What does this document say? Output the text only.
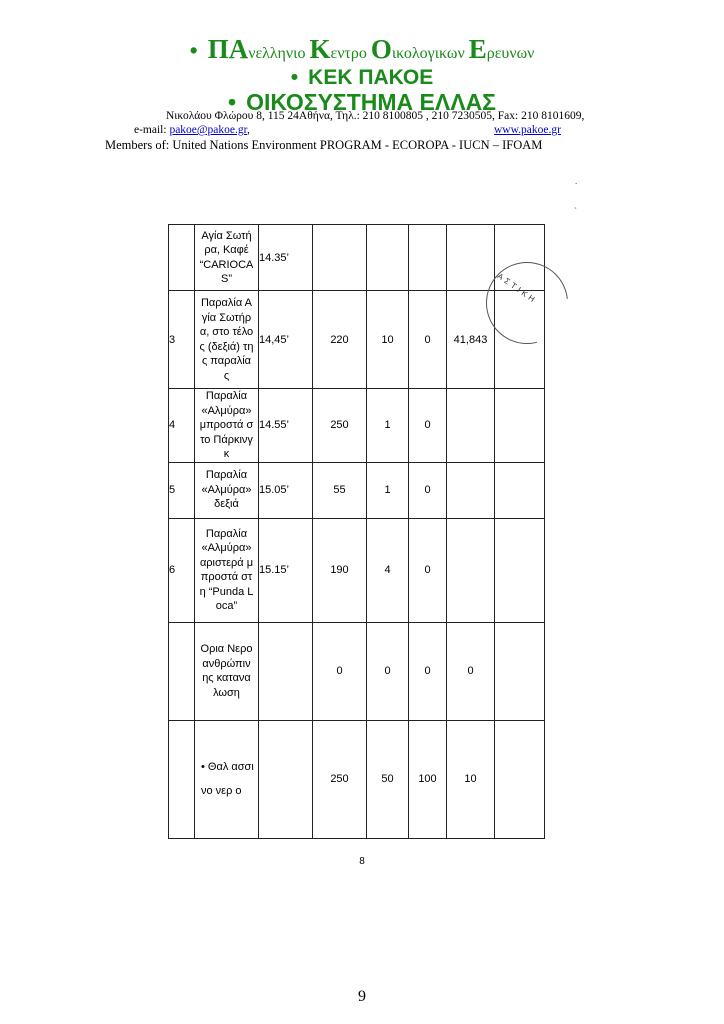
• ΠΑνελληνιο Κεντρο Οικολογικων Ερευνων
• ΚΕΚ ΠΑΚΟΕ
• ΟΙΚΟΣΥΣΤΗΜΑ ΕΛΛΑΣ
Νικολάου Φλώρου 8, 115 24Αθήνα, Τηλ.: 210 8100805 , 210 7230505, Fax: 210 8101609,
e-mail: pakoe@pakoe.gr,	www.pakoe.gr
Members of: United Nations Environment PROGRAM - ECOROPA - IUCN – IFOAM
.
`
	Αγία Σωτήρα, Καφέ “CARIOCAS”	14.35’					
3	Παραλία Αγία Σωτήρα, στο τέλος (δεξιά) της παραλίας	14,45’	220	10	0	41,843	
4	Παραλία «Αλμύρα» μπροστά στο Πάρκινγκ	14.55’	250	1	0		
5	Παραλία «Αλμύρα» δεξιά	15.05’	55	1	0		
6	Παραλία «Αλμύρα» αριστερά μπροστά στη “Punda Loca”	15.15’	190	4	0		
	Ορια Νερο ανθρώπινης καταναλωση		0	0	0	0	
	• Θαλ ασσι νο νερ ο		250	50	100	10	
ΑΣΤΙΚΗ
8
9
